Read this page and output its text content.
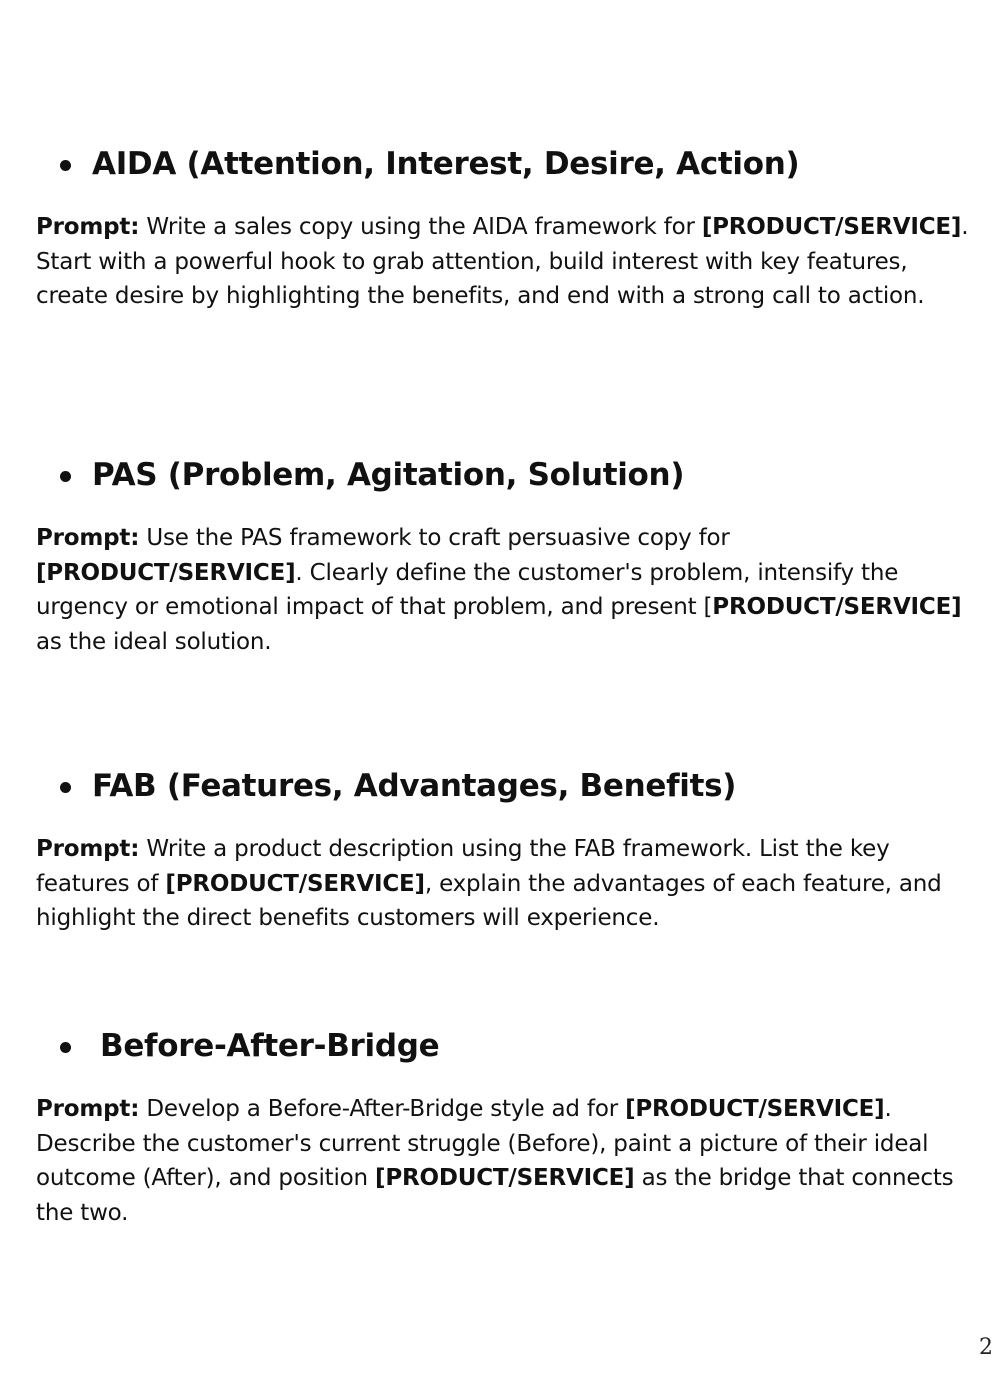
AIDA (Attention, Interest, Desire, Action)

Prompt: Write a sales copy using the AIDA framework for [PRODUCT/SERVICE]. Start with a powerful hook to grab attention, build interest with key features, create desire by highlighting the benefits, and end with a strong call to action.

PAS (Problem, Agitation, Solution)

Prompt: Use the PAS framework to craft persuasive copy for [PRODUCT/SERVICE]. Clearly define the customer's problem, intensify the urgency or emotional impact of that problem, and present [PRODUCT/SERVICE] as the ideal solution.

FAB (Features, Advantages, Benefits)

Prompt: Write a product description using the FAB framework. List the key features of [PRODUCT/SERVICE], explain the advantages of each feature, and highlight the direct benefits customers will experience.

Before-After-Bridge

Prompt: Develop a Before-After-Bridge style ad for [PRODUCT/SERVICE]. Describe the customer's current struggle (Before), paint a picture of their ideal outcome (After), and position [PRODUCT/SERVICE] as the bridge that connects the two.

2
